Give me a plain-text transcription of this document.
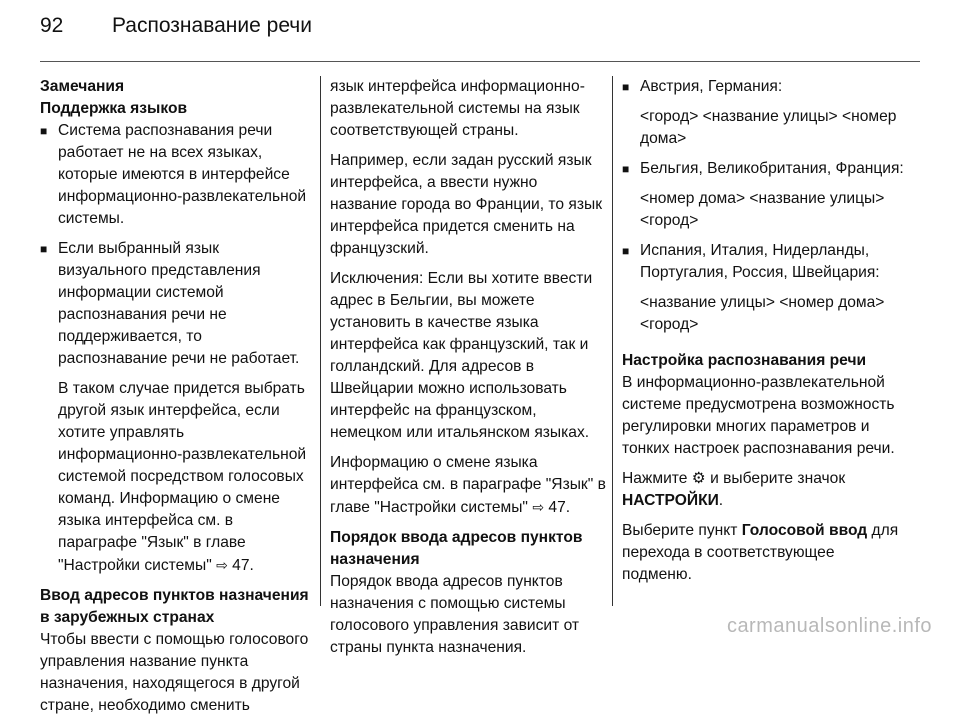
92 Распознавание речи
Замечания
Поддержка языков
■ Система распознавания речи работает не на всех языках, которые имеются в интерфейсе информационно-развлекательной системы.
■ Если выбранный язык визуального представления информации системой распознавания речи не поддерживается, то распознавание речи не работает.

В таком случае придется выбрать другой язык интерфейса, если хотите управлять информационно-развлекательной системой посредством голосовых команд. Информацию о смене языка интерфейса см. в параграфе "Язык" в главе "Настройки системы" ⇨ 47.

Ввод адресов пунктов назначения в зарубежных странах

Чтобы ввести с помощью голосового управления название пункта назначения, находящегося в другой стране, необходимо сменить

язык интерфейса информационно-развлекательной системы на язык соответствующей страны.

Например, если задан русский язык интерфейса, а ввести нужно название города во Франции, то язык интерфейса придется сменить на французский.

Исключения: Если вы хотите ввести адрес в Бельгии, вы можете установить в качестве языка интерфейса как французский, так и голландский. Для адресов в Швейцарии можно использовать интерфейс на французском, немецком или итальянском языках.

Информацию о смене языка интерфейса см. в параграфе "Язык" в главе "Настройки системы" ⇨ 47.

Порядок ввода адресов пунктов назначения

Порядок ввода адресов пунктов назначения с помощью системы голосового управления зависит от страны пункта назначения.

■ Австрия, Германия:
<город> <название улицы> <номер дома>
■ Бельгия, Великобритания, Франция:
<номер дома> <название улицы> <город>
■ Испания, Италия, Нидерланды, Португалия, Россия, Швейцария:
<название улицы> <номер дома> <город>
Настройка распознавания речи

В информационно-развлекательной системе предусмотрена возможность регулировки многих параметров и тонких настроек распознавания речи.

Нажмите ⚙ и выберите значок

НАСТРОЙКИ.

Выберите пункт Голосовой ввод для перехода в соответствующее подменю.

carmanualsonline.info
